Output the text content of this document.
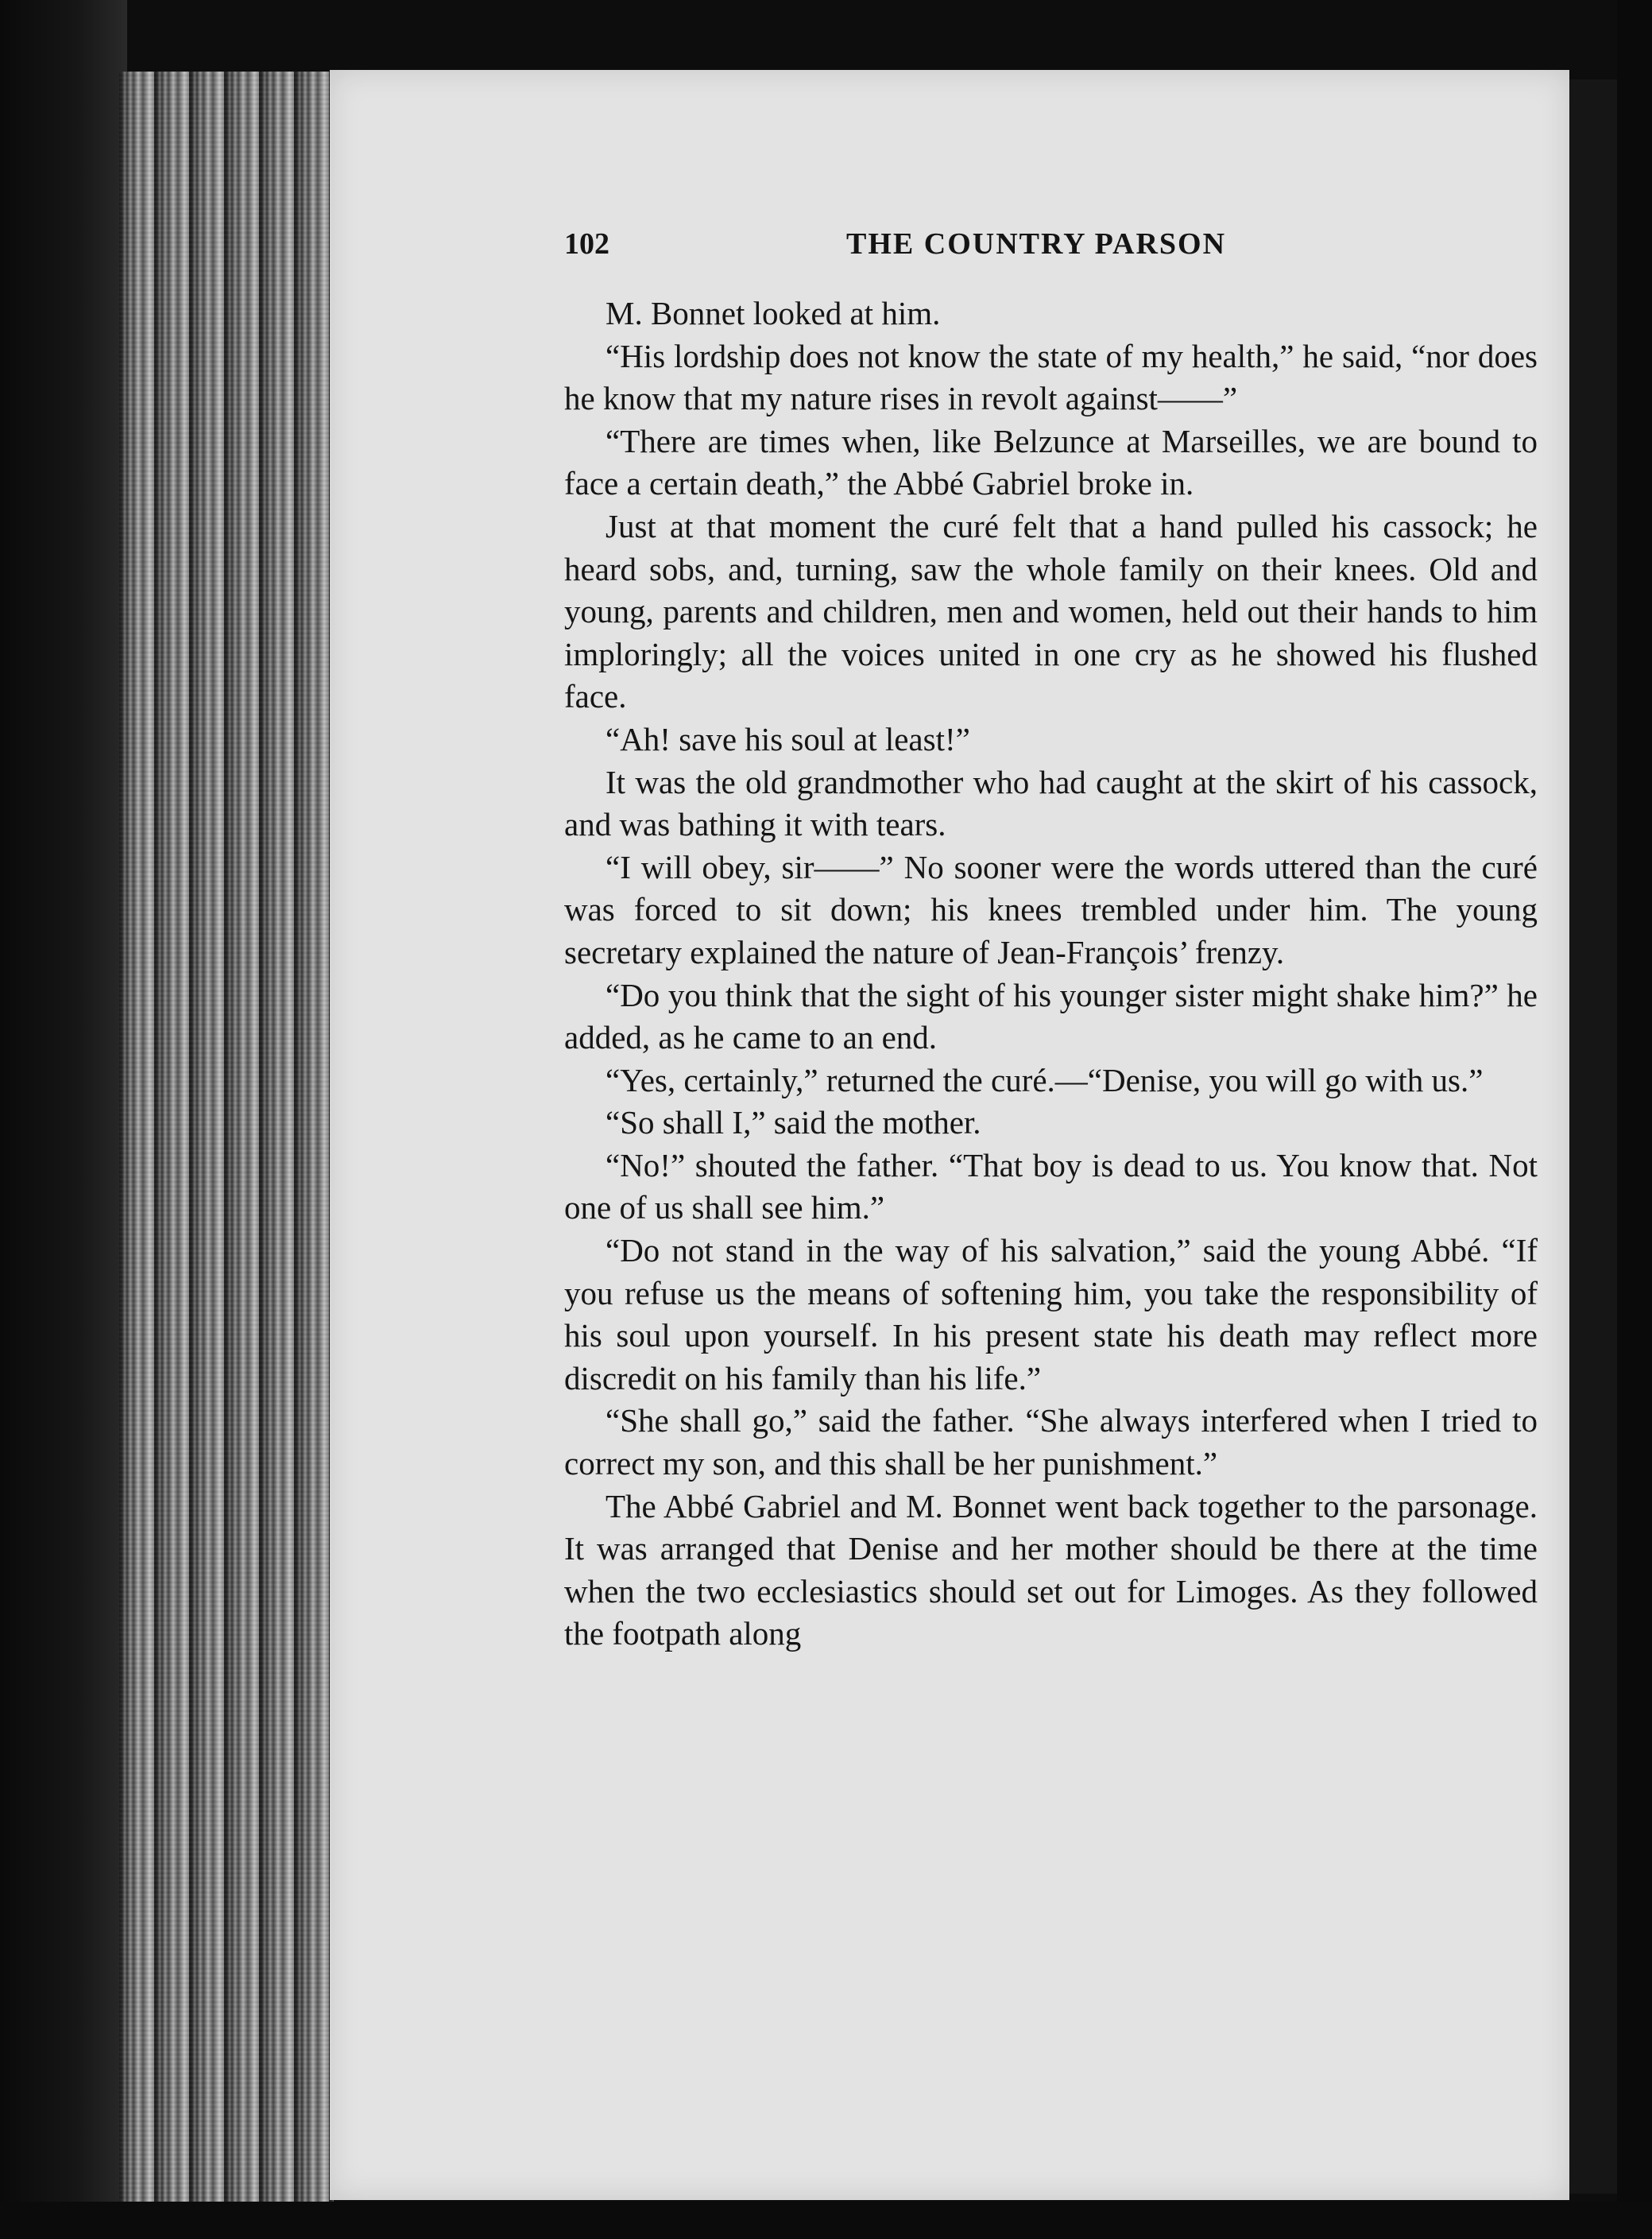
102	THE COUNTRY PARSON

M. Bonnet looked at him.

“His lordship does not know the state of my health,” he said, “nor does he know that my nature rises in revolt against——”

“There are times when, like Belzunce at Marseilles, we are bound to face a certain death,” the Abbé Gabriel broke in.

Just at that moment the curé felt that a hand pulled his cassock; he heard sobs, and, turning, saw the whole family on their knees. Old and young, parents and children, men and women, held out their hands to him imploringly; all the voices united in one cry as he showed his flushed face.

“Ah! save his soul at least!”

It was the old grandmother who had caught at the skirt of his cassock, and was bathing it with tears.

“I will obey, sir——” No sooner were the words uttered than the curé was forced to sit down; his knees trembled under him. The young secretary explained the nature of Jean-François’ frenzy.

“Do you think that the sight of his younger sister might shake him?” he added, as he came to an end.

“Yes, certainly,” returned the curé.—“Denise, you will go with us.”

“So shall I,” said the mother.

“No!” shouted the father. “That boy is dead to us. You know that. Not one of us shall see him.”

“Do not stand in the way of his salvation,” said the young Abbé. “If you refuse us the means of softening him, you take the responsibility of his soul upon yourself. In his present state his death may reflect more discredit on his family than his life.”

“She shall go,” said the father. “She always interfered when I tried to correct my son, and this shall be her punishment.”

The Abbé Gabriel and M. Bonnet went back together to the parsonage. It was arranged that Denise and her mother should be there at the time when the two ecclesiastics should set out for Limoges. As they followed the footpath along
